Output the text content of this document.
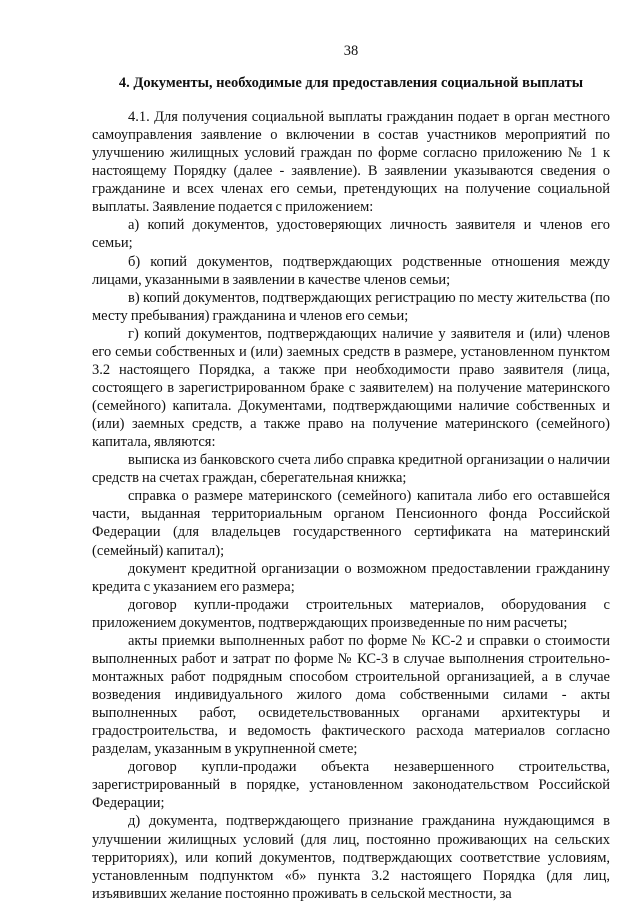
38
4. Документы, необходимые для предоставления социальной выплаты

4.1. Для получения социальной выплаты гражданин подает в орган местного самоуправления заявление о включении в состав участников мероприятий по улучшению жилищных условий граждан по форме согласно приложению № 1 к настоящему Порядку (далее - заявление). В заявлении указываются сведения о гражданине и всех членах его семьи, претендующих на получение социальной выплаты. Заявление подается с приложением:

а) копий документов, удостоверяющих личность заявителя и членов его семьи;

б) копий документов, подтверждающих родственные отношения между лицами, указанными в заявлении в качестве членов семьи;

в) копий документов, подтверждающих регистрацию по месту жительства (по месту пребывания) гражданина и членов его семьи;

г) копий документов, подтверждающих наличие у заявителя и (или) членов его семьи собственных и (или) заемных средств в размере, установленном пунктом 3.2 настоящего Порядка, а также при необходимости право заявителя (лица, состоящего в зарегистрированном браке с заявителем) на получение материнского (семейного) капитала. Документами, подтверждающими наличие собственных и (или) заемных средств, а также право на получение материнского (семейного) капитала, являются:

выписка из банковского счета либо справка кредитной организации о наличии средств на счетах граждан, сберегательная книжка;

справка о размере материнского (семейного) капитала либо его оставшейся части, выданная территориальным органом Пенсионного фонда Российской Федерации (для владельцев государственного сертификата на материнский (семейный) капитал);

документ кредитной организации о возможном предоставлении гражданину кредита с указанием его размера;

договор купли-продажи строительных материалов, оборудования с приложением документов, подтверждающих произведенные по ним расчеты;

акты приемки выполненных работ по форме № КС-2 и справки о стоимости выполненных работ и затрат по форме № КС-3 в случае выполнения строительно-монтажных работ подрядным способом строительной организацией, а в случае возведения индивидуального жилого дома собственными силами - акты выполненных работ, освидетельствованных органами архитектуры и градостроительства, и ведомость фактического расхода материалов согласно разделам, указанным в укрупненной смете;

договор купли-продажи объекта незавершенного строительства, зарегистрированный в порядке, установленном законодательством Российской Федерации;

д) документа, подтверждающего признание гражданина нуждающимся в улучшении жилищных условий (для лиц, постоянно проживающих на сельских территориях), или копий документов, подтверждающих соответствие условиям, установленным подпунктом «б» пункта 3.2 настоящего Порядка (для лиц, изъявивших желание постоянно проживать в сельской местности, за
